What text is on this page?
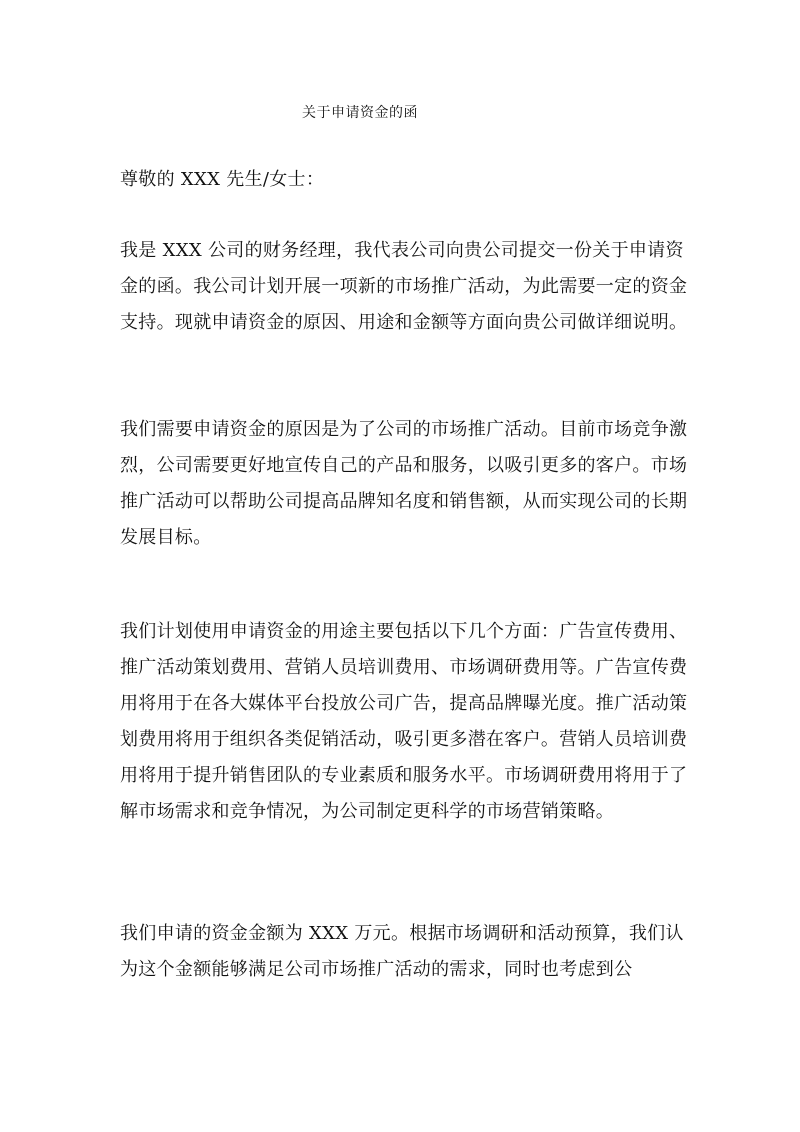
关于申请资金的函

尊敬的 XXX 先生/女士：

我是 XXX 公司的财务经理，我代表公司向贵公司提交一份关于申请资金的函。我公司计划开展一项新的市场推广活动，为此需要一定的资金支持。现就申请资金的原因、用途和金额等方面向贵公司做详细说明。

我们需要申请资金的原因是为了公司的市场推广活动。目前市场竞争激烈，公司需要更好地宣传自己的产品和服务，以吸引更多的客户。市场推广活动可以帮助公司提高品牌知名度和销售额，从而实现公司的长期发展目标。

我们计划使用申请资金的用途主要包括以下几个方面：广告宣传费用、推广活动策划费用、营销人员培训费用、市场调研费用等。广告宣传费用将用于在各大媒体平台投放公司广告，提高品牌曝光度。推广活动策划费用将用于组织各类促销活动，吸引更多潜在客户。营销人员培训费用将用于提升销售团队的专业素质和服务水平。市场调研费用将用于了解市场需求和竞争情况，为公司制定更科学的市场营销策略。

我们申请的资金金额为 XXX 万元。根据市场调研和活动预算，我们认为这个金额能够满足公司市场推广活动的需求，同时也考虑到公
